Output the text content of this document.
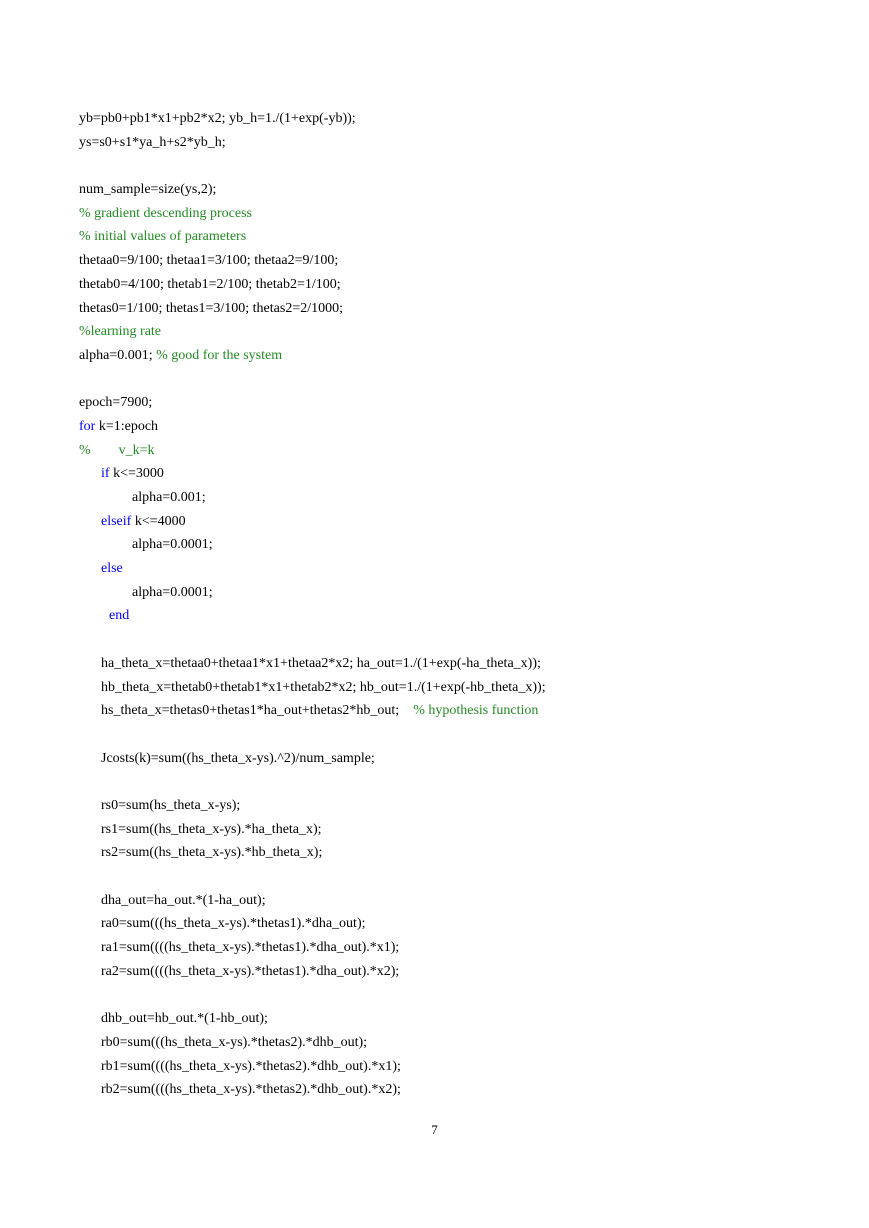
yb=pb0+pb1*x1+pb2*x2; yb_h=1./(1+exp(-yb));
ys=s0+s1*ya_h+s2*yb_h;
num_sample=size(ys,2);
% gradient descending process
% initial values of parameters
thetaa0=9/100; thetaa1=3/100; thetaa2=9/100;
thetab0=4/100; thetab1=2/100; thetab2=1/100;
thetas0=1/100; thetas1=3/100; thetas2=2/1000;
%learning rate
alpha=0.001; % good for the system
epoch=7900;
for k=1:epoch
%        v_k=k
if k<=3000
alpha=0.001;
elseif k<=4000
alpha=0.0001;
else
alpha=0.0001;
end
ha_theta_x=thetaa0+thetaa1*x1+thetaa2*x2; ha_out=1./(1+exp(-ha_theta_x));
hb_theta_x=thetab0+thetab1*x1+thetab2*x2; hb_out=1./(1+exp(-hb_theta_x));
hs_theta_x=thetas0+thetas1*ha_out+thetas2*hb_out; % hypothesis function
Jcosts(k)=sum((hs_theta_x-ys).^2)/num_sample;
rs0=sum(hs_theta_x-ys);
rs1=sum((hs_theta_x-ys).*ha_theta_x);
rs2=sum((hs_theta_x-ys).*hb_theta_x);
dha_out=ha_out.*(1-ha_out);
ra0=sum(((hs_theta_x-ys).*thetas1).*dha_out);
ra1=sum((((hs_theta_x-ys).*thetas1).*dha_out).*x1);
ra2=sum((((hs_theta_x-ys).*thetas1).*dha_out).*x2);
dhb_out=hb_out.*(1-hb_out);
rb0=sum(((hs_theta_x-ys).*thetas2).*dhb_out);
rb1=sum((((hs_theta_x-ys).*thetas2).*dhb_out).*x1);
rb2=sum((((hs_theta_x-ys).*thetas2).*dhb_out).*x2);
7
